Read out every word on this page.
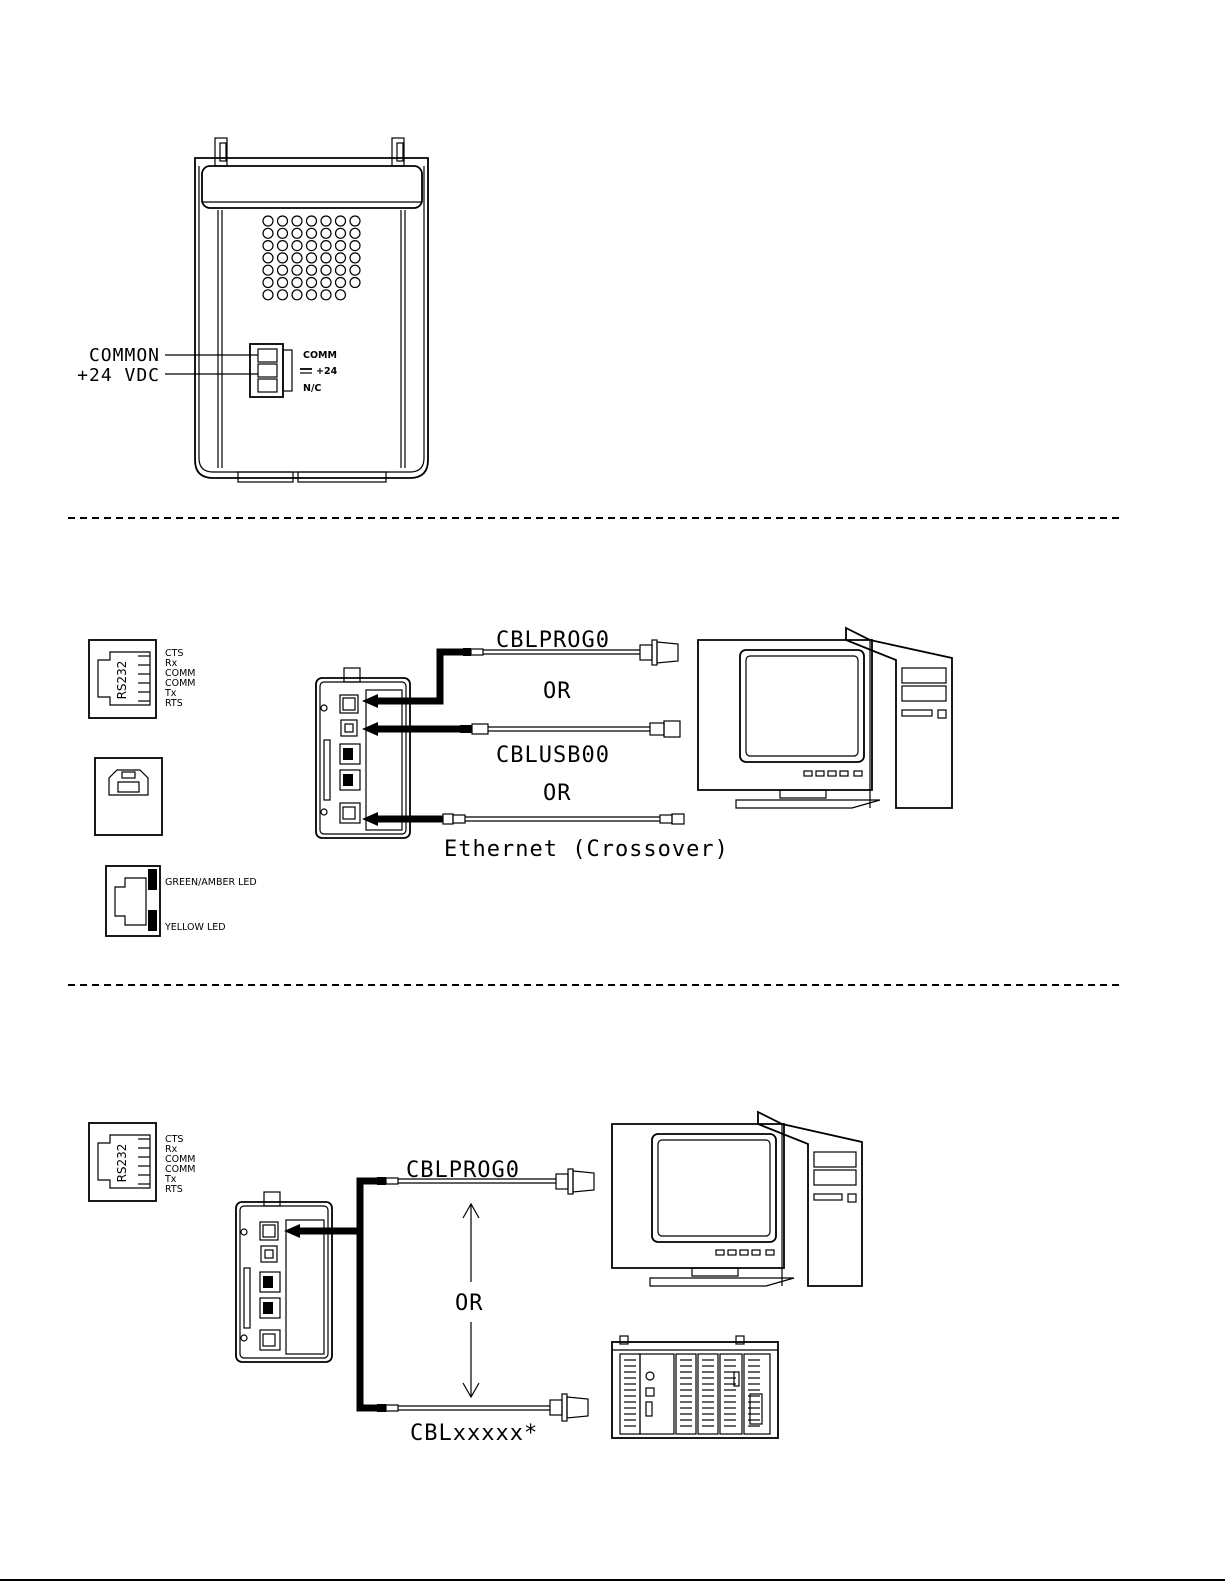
COMMON
+24 VDC
COMM
+24
N/C
RS232
CTS
Rx
COMM
COMM
Tx
RTS
GREEN/AMBER LED
YELLOW LED
CBLPROG0
OR
CBLUSB00
OR
Ethernet (Crossover)
RS232
CTS
Rx
COMM
COMM
Tx
RTS
CBLPROG0
OR
CBLxxxxx*
